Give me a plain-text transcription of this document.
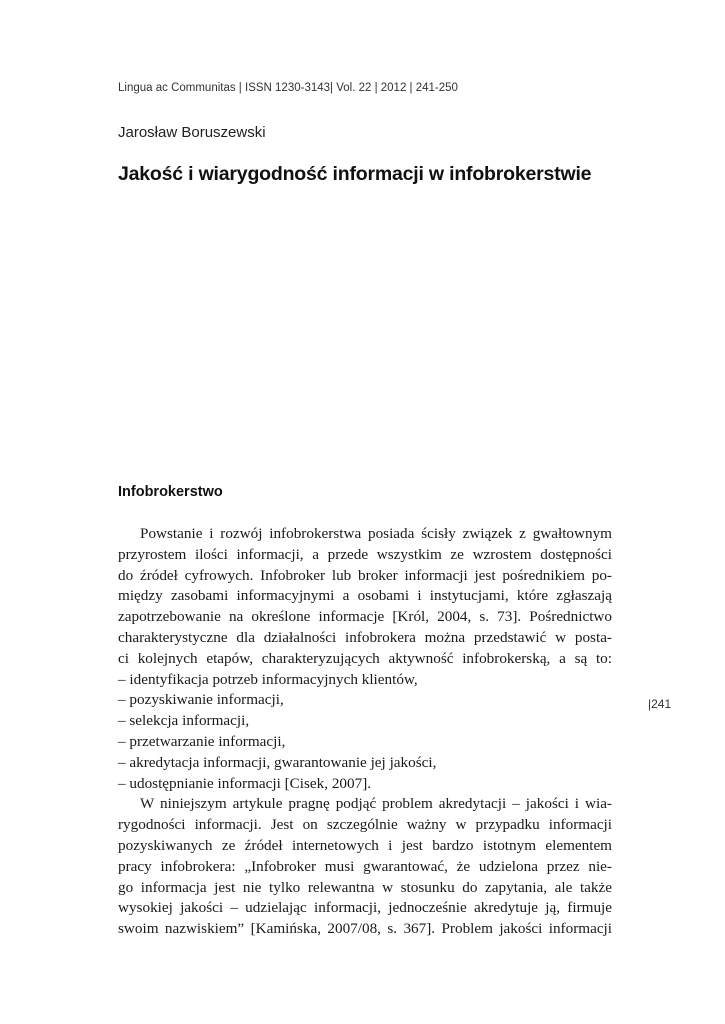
Lingua ac Communitas | ISSN 1230-3143| Vol. 22 | 2012 | 241-250
Jarosław Boruszewski
Jakość i wiarygodność informacji w infobrokerstwie
Infobrokerstwo
Powstanie i rozwój infobrokerstwa posiada ścisły związek z gwałtownym
przyrostem ilości informacji, a przede wszystkim ze wzrostem dostępności
do źródeł cyfrowych. Infobroker lub broker informacji jest pośrednikiem po-
między zasobami informacyjnymi a osobami i instytucjami, które zgłaszają
zapotrzebowanie na określone informacje [Król, 2004, s. 73]. Pośrednictwo
charakterystyczne dla działalności infobrokera można przedstawić w posta-
ci kolejnych etapów, charakteryzujących aktywność infobrokerską, a są to:
– identyfikacja potrzeb informacyjnych klientów,
– pozyskiwanie informacji,
– selekcja informacji,
– przetwarzanie informacji,
– akredytacja informacji, gwarantowanie jej jakości,
– udostępnianie informacji [Cisek, 2007].
W niniejszym artykule pragnę podjąć problem akredytacji – jakości i wia-
rygodności informacji. Jest on szczególnie ważny w przypadku informacji
pozyskiwanych ze źródeł internetowych i jest bardzo istotnym elementem
pracy infobrokera: „Infobroker musi gwarantować, że udzielona przez nie-
go informacja jest nie tylko relewantna w stosunku do zapytania, ale także
wysokiej jakości – udzielając informacji, jednocześnie akredytuje ją, firmuje
swoim nazwiskiem” [Kamińska, 2007/08, s. 367]. Problem jakości informacji
|241
